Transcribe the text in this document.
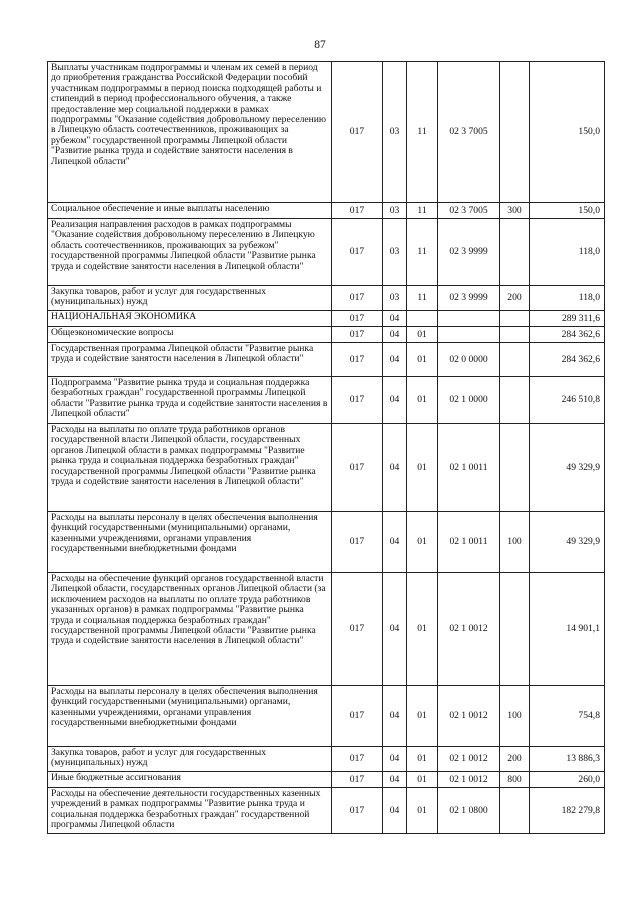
87
Выплаты участникам подпрограммы и членам их семей в период до приобретения гражданства Российской Федерации пособий участникам подпрограммы в период поиска подходящей работы и стипендий в период профессионального обучения, а также предоставление мер социальной поддержки в рамках подпрограммы "Оказание содействия добровольному переселению в Липецкую область соотечественников, проживающих за рубежом" государственной программы Липецкой области "Развитие рынка труда и содействие занятости населения в Липецкой области"	017	03	11	02 3 7005		150,0
Социальное обеспечение и иные выплаты населению	017	03	11	02 3 7005	300	150,0
Реализация направления расходов в рамках подпрограммы "Оказание содействия добровольному переселению в Липецкую область соотечественников, проживающих за рубежом" государственной программы Липецкой области "Развитие рынка труда и содействие занятости населения в Липецкой области"	017	03	11	02 3 9999		118,0
Закупка товаров, работ и услуг для государственных (муниципальных) нужд	017	03	11	02 3 9999	200	118,0
НАЦИОНАЛЬНАЯ ЭКОНОМИКА	017	04				289 311,6
Общеэкономические вопросы	017	04	01			284 362,6
Государственная программа Липецкой области "Развитие рынка труда и содействие занятости населения в Липецкой области"	017	04	01	02 0 0000		284 362,6
Подпрограмма "Развитие рынка труда и социальная поддержка безработных граждан" государственной программы Липецкой области "Развитие рынка труда и содействие занятости населения в Липецкой области"	017	04	01	02 1 0000		246 510,8
Расходы на выплаты по оплате труда работников органов государственной власти Липецкой области, государственных органов Липецкой области в рамках подпрограммы "Развитие рынка труда и социальная поддержка безработных граждан" государственной программы Липецкой области "Развитие рынка труда и содействие занятости населения в Липецкой области"	017	04	01	02 1 0011		49 329,9
Расходы на выплаты персоналу в целях обеспечения выполнения функций государственными (муниципальными) органами, казенными учреждениями, органами управления государственными внебюджетными фондами	017	04	01	02 1 0011	100	49 329,9
Расходы на обеспечение функций органов государственной власти Липецкой области, государственных органов Липецкой области (за исключением расходов на выплаты по оплате труда работников указанных органов) в рамках подпрограммы "Развитие рынка труда и социальная поддержка безработных граждан" государственной программы Липецкой области "Развитие рынка труда и содействие занятости населения в Липецкой области"	017	04	01	02 1 0012		14 901,1
Расходы на выплаты персоналу в целях обеспечения выполнения функций государственными (муниципальными) органами, казенными учреждениями, органами управления государственными внебюджетными фондами	017	04	01	02 1 0012	100	754,8
Закупка товаров, работ и услуг для государственных (муниципальных) нужд	017	04	01	02 1 0012	200	13 886,3
Иные бюджетные ассигнования	017	04	01	02 1 0012	800	260,0
Расходы на обеспечение деятельности государственных казенных учреждений в рамках подпрограммы "Развитие рынка труда и социальная поддержка безработных граждан" государственной программы Липецкой области	017	04	01	02 1 0800		182 279,8
